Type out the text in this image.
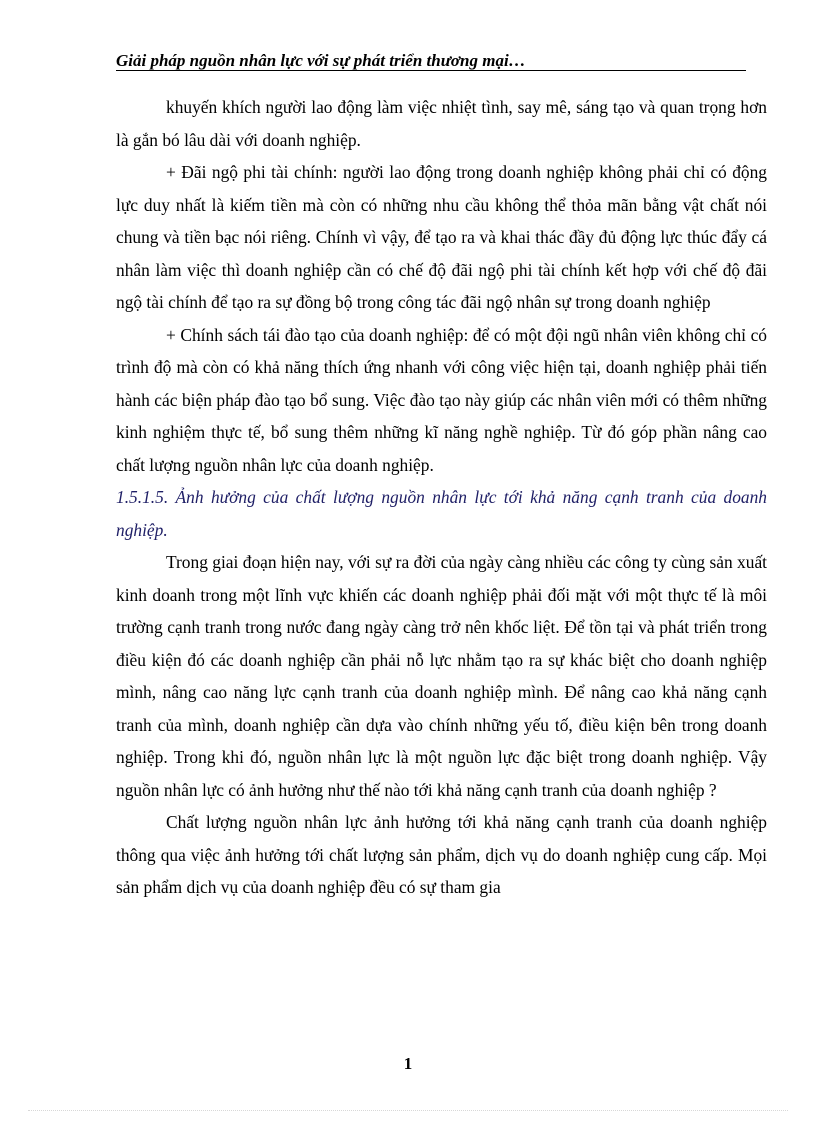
Giải pháp nguồn nhân lực với sự phát triển thương mại…

khuyến khích người lao động làm việc nhiệt tình, say mê, sáng tạo và quan trọng hơn là gắn bó lâu dài với doanh nghiệp.

+ Đãi ngộ phi tài chính: người lao động trong doanh nghiệp không phải chỉ có động lực duy nhất là kiếm tiền mà còn có những nhu cầu không thể thỏa mãn bằng vật chất nói chung và tiền bạc nói riêng. Chính vì vậy, để tạo ra và khai thác đầy đủ động lực thúc đẩy cá nhân làm việc thì doanh nghiệp cần có chế độ đãi ngộ phi tài chính kết hợp với chế độ đãi ngộ tài chính để tạo ra sự đồng bộ trong công tác đãi ngộ nhân sự trong doanh nghiệp

+ Chính sách tái đào tạo của doanh nghiệp: để có một đội ngũ nhân viên không chỉ có trình độ mà còn có khả năng thích ứng nhanh với công việc hiện tại, doanh nghiệp phải tiến hành các biện pháp đào tạo bổ sung. Việc đào tạo này giúp các nhân viên mới có thêm những kinh nghiệm thực tế, bổ sung thêm những kĩ năng nghề nghiệp. Từ đó góp phần nâng cao chất lượng nguồn nhân lực của doanh nghiệp.

1.5.1.5. Ảnh hưởng của chất lượng nguồn nhân lực tới khả năng cạnh tranh của doanh nghiệp.

Trong giai đoạn hiện nay, với sự ra đời của ngày càng nhiều các công ty cùng sản xuất kinh doanh trong một lĩnh vực khiến các doanh nghiệp phải đối mặt với một thực tế là môi trường cạnh tranh trong nước đang ngày càng trở nên khốc liệt. Để tồn tại và phát triển trong điều kiện đó các doanh nghiệp cần phải nỗ lực nhằm tạo ra sự khác biệt cho doanh nghiệp mình, nâng cao năng lực cạnh tranh của doanh nghiệp mình. Để nâng cao khả năng cạnh tranh của mình, doanh nghiệp cần dựa vào chính những yếu tố, điều kiện bên trong doanh nghiệp. Trong khi đó, nguồn nhân lực là một nguồn lực đặc biệt trong doanh nghiệp. Vậy nguồn nhân lực có ảnh hưởng như thế nào tới khả năng cạnh tranh của doanh nghiệp ?

Chất lượng nguồn nhân lực ảnh hưởng tới khả năng cạnh tranh của doanh nghiệp thông qua việc ảnh hưởng tới chất lượng sản phẩm, dịch vụ do doanh nghiệp cung cấp. Mọi sản phẩm dịch vụ của doanh nghiệp đều có sự tham gia

1
